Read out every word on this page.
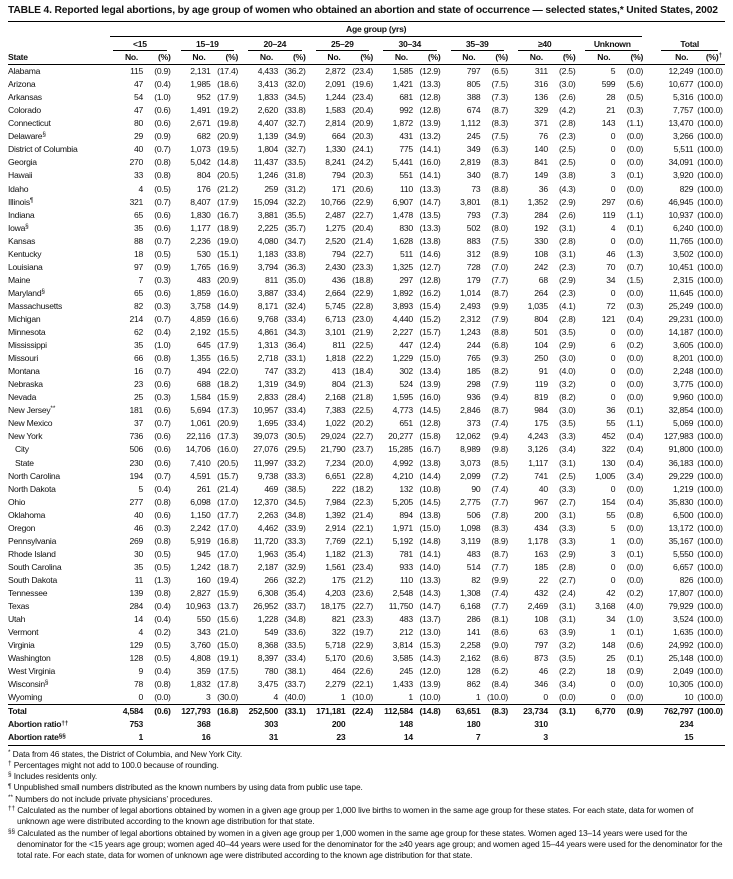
TABLE 4. Reported legal abortions, by age group of women who obtained an abortion and state of occurrence — selected states,* United States, 2002

	Age group (yrs)																		

	<15		15–19		20–24		25–29		30–34		35–39		≥40		Unknown			Total	

State	No.	(%)	No.	(%)	No.	(%)	No.	(%)	No.	(%)	No.	(%)	No.	(%)	No.	(%)		No.	(%)†
Alabama	115	(0.9)	2,131	(17.4)	4,433	(36.2)	2,872	(23.4)	1,585	(12.9)	797	(6.5)	311	(2.5)	5	(0.0)		12,249	(100.0)
Arizona	47	(0.4)	1,985	(18.6)	3,413	(32.0)	2,091	(19.6)	1,421	(13.3)	805	(7.5)	316	(3.0)	599	(5.6)		10,677	(100.0)
Arkansas	54	(1.0)	952	(17.9)	1,833	(34.5)	1,244	(23.4)	681	(12.8)	388	(7.3)	136	(2.6)	28	(0.5)		5,316	(100.0)
Colorado	47	(0.6)	1,491	(19.2)	2,620	(33.8)	1,583	(20.4)	992	(12.8)	674	(8.7)	329	(4.2)	21	(0.3)		7,757	(100.0)
Connecticut	80	(0.6)	2,671	(19.8)	4,407	(32.7)	2,814	(20.9)	1,872	(13.9)	1,112	(8.3)	371	(2.8)	143	(1.1)		13,470	(100.0)
Delaware§	29	(0.9)	682	(20.9)	1,139	(34.9)	664	(20.3)	431	(13.2)	245	(7.5)	76	(2.3)	0	(0.0)		3,266	(100.0)
District of Columbia	40	(0.7)	1,073	(19.5)	1,804	(32.7)	1,330	(24.1)	775	(14.1)	349	(6.3)	140	(2.5)	0	(0.0)		5,511	(100.0)
Georgia	270	(0.8)	5,042	(14.8)	11,437	(33.5)	8,241	(24.2)	5,441	(16.0)	2,819	(8.3)	841	(2.5)	0	(0.0)		34,091	(100.0)
Hawaii	33	(0.8)	804	(20.5)	1,246	(31.8)	794	(20.3)	551	(14.1)	340	(8.7)	149	(3.8)	3	(0.1)		3,920	(100.0)
Idaho	4	(0.5)	176	(21.2)	259	(31.2)	171	(20.6)	110	(13.3)	73	(8.8)	36	(4.3)	0	(0.0)		829	(100.0)
Illinois¶	321	(0.7)	8,407	(17.9)	15,094	(32.2)	10,766	(22.9)	6,907	(14.7)	3,801	(8.1)	1,352	(2.9)	297	(0.6)		46,945	(100.0)
Indiana	65	(0.6)	1,830	(16.7)	3,881	(35.5)	2,487	(22.7)	1,478	(13.5)	793	(7.3)	284	(2.6)	119	(1.1)		10,937	(100.0)
Iowa§	35	(0.6)	1,177	(18.9)	2,225	(35.7)	1,275	(20.4)	830	(13.3)	502	(8.0)	192	(3.1)	4	(0.1)		6,240	(100.0)
Kansas	88	(0.7)	2,236	(19.0)	4,080	(34.7)	2,520	(21.4)	1,628	(13.8)	883	(7.5)	330	(2.8)	0	(0.0)		11,765	(100.0)
Kentucky	18	(0.5)	530	(15.1)	1,183	(33.8)	794	(22.7)	511	(14.6)	312	(8.9)	108	(3.1)	46	(1.3)		3,502	(100.0)
Louisiana	97	(0.9)	1,765	(16.9)	3,794	(36.3)	2,430	(23.3)	1,325	(12.7)	728	(7.0)	242	(2.3)	70	(0.7)		10,451	(100.0)
Maine	7	(0.3)	483	(20.9)	811	(35.0)	436	(18.8)	297	(12.8)	179	(7.7)	68	(2.9)	34	(1.5)		2,315	(100.0)
Maryland§	65	(0.6)	1,859	(16.0)	3,887	(33.4)	2,664	(22.9)	1,892	(16.2)	1,014	(8.7)	264	(2.3)	0	(0.0)		11,645	(100.0)
Massachusetts	82	(0.3)	3,758	(14.9)	8,171	(32.4)	5,745	(22.8)	3,893	(15.4)	2,493	(9.9)	1,035	(4.1)	72	(0.3)		25,249	(100.0)
Michigan	214	(0.7)	4,859	(16.6)	9,768	(33.4)	6,713	(23.0)	4,440	(15.2)	2,312	(7.9)	804	(2.8)	121	(0.4)		29,231	(100.0)
Minnesota	62	(0.4)	2,192	(15.5)	4,861	(34.3)	3,101	(21.9)	2,227	(15.7)	1,243	(8.8)	501	(3.5)	0	(0.0)		14,187	(100.0)
Mississippi	35	(1.0)	645	(17.9)	1,313	(36.4)	811	(22.5)	447	(12.4)	244	(6.8)	104	(2.9)	6	(0.2)		3,605	(100.0)
Missouri	66	(0.8)	1,355	(16.5)	2,718	(33.1)	1,818	(22.2)	1,229	(15.0)	765	(9.3)	250	(3.0)	0	(0.0)		8,201	(100.0)
Montana	16	(0.7)	494	(22.0)	747	(33.2)	413	(18.4)	302	(13.4)	185	(8.2)	91	(4.0)	0	(0.0)		2,248	(100.0)
Nebraska	23	(0.6)	688	(18.2)	1,319	(34.9)	804	(21.3)	524	(13.9)	298	(7.9)	119	(3.2)	0	(0.0)		3,775	(100.0)
Nevada	25	(0.3)	1,584	(15.9)	2,833	(28.4)	2,168	(21.8)	1,595	(16.0)	936	(9.4)	819	(8.2)	0	(0.0)		9,960	(100.0)
New Jersey**	181	(0.6)	5,694	(17.3)	10,957	(33.4)	7,383	(22.5)	4,773	(14.5)	2,846	(8.7)	984	(3.0)	36	(0.1)		32,854	(100.0)
New Mexico	37	(0.7)	1,061	(20.9)	1,695	(33.4)	1,022	(20.2)	651	(12.8)	373	(7.4)	175	(3.5)	55	(1.1)		5,069	(100.0)
New York	736	(0.6)	22,116	(17.3)	39,073	(30.5)	29,024	(22.7)	20,277	(15.8)	12,062	(9.4)	4,243	(3.3)	452	(0.4)		127,983	(100.0)
City	506	(0.6)	14,706	(16.0)	27,076	(29.5)	21,790	(23.7)	15,285	(16.7)	8,989	(9.8)	3,126	(3.4)	322	(0.4)		91,800	(100.0)
State	230	(0.6)	7,410	(20.5)	11,997	(33.2)	7,234	(20.0)	4,992	(13.8)	3,073	(8.5)	1,117	(3.1)	130	(0.4)		36,183	(100.0)
North Carolina	194	(0.7)	4,591	(15.7)	9,738	(33.3)	6,651	(22.8)	4,210	(14.4)	2,099	(7.2)	741	(2.5)	1,005	(3.4)		29,229	(100.0)
North Dakota	5	(0.4)	261	(21.4)	469	(38.5)	222	(18.2)	132	(10.8)	90	(7.4)	40	(3.3)	0	(0.0)		1,219	(100.0)
Ohio	277	(0.8)	6,098	(17.0)	12,370	(34.5)	7,984	(22.3)	5,205	(14.5)	2,775	(7.7)	967	(2.7)	154	(0.4)		35,830	(100.0)
Oklahoma	40	(0.6)	1,150	(17.7)	2,263	(34.8)	1,392	(21.4)	894	(13.8)	506	(7.8)	200	(3.1)	55	(0.8)		6,500	(100.0)
Oregon	46	(0.3)	2,242	(17.0)	4,462	(33.9)	2,914	(22.1)	1,971	(15.0)	1,098	(8.3)	434	(3.3)	5	(0.0)		13,172	(100.0)
Pennsylvania	269	(0.8)	5,919	(16.8)	11,720	(33.3)	7,769	(22.1)	5,192	(14.8)	3,119	(8.9)	1,178	(3.3)	1	(0.0)		35,167	(100.0)
Rhode Island	30	(0.5)	945	(17.0)	1,963	(35.4)	1,182	(21.3)	781	(14.1)	483	(8.7)	163	(2.9)	3	(0.1)		5,550	(100.0)
South Carolina	35	(0.5)	1,242	(18.7)	2,187	(32.9)	1,561	(23.4)	933	(14.0)	514	(7.7)	185	(2.8)	0	(0.0)		6,657	(100.0)
South Dakota	11	(1.3)	160	(19.4)	266	(32.2)	175	(21.2)	110	(13.3)	82	(9.9)	22	(2.7)	0	(0.0)		826	(100.0)
Tennessee	139	(0.8)	2,827	(15.9)	6,308	(35.4)	4,203	(23.6)	2,548	(14.3)	1,308	(7.4)	432	(2.4)	42	(0.2)		17,807	(100.0)
Texas	284	(0.4)	10,963	(13.7)	26,952	(33.7)	18,175	(22.7)	11,750	(14.7)	6,168	(7.7)	2,469	(3.1)	3,168	(4.0)		79,929	(100.0)
Utah	14	(0.4)	550	(15.6)	1,228	(34.8)	821	(23.3)	483	(13.7)	286	(8.1)	108	(3.1)	34	(1.0)		3,524	(100.0)
Vermont	4	(0.2)	343	(21.0)	549	(33.6)	322	(19.7)	212	(13.0)	141	(8.6)	63	(3.9)	1	(0.1)		1,635	(100.0)
Virginia	129	(0.5)	3,760	(15.0)	8,368	(33.5)	5,718	(22.9)	3,814	(15.3)	2,258	(9.0)	797	(3.2)	148	(0.6)		24,992	(100.0)
Washington	128	(0.5)	4,808	(19.1)	8,397	(33.4)	5,170	(20.6)	3,585	(14.3)	2,162	(8.6)	873	(3.5)	25	(0.1)		25,148	(100.0)
West Virginia	9	(0.4)	359	(17.5)	780	(38.1)	464	(22.6)	245	(12.0)	128	(6.2)	46	(2.2)	18	(0.9)		2,049	(100.0)
Wisconsin§	78	(0.8)	1,832	(17.8)	3,475	(33.7)	2,279	(22.1)	1,433	(13.9)	862	(8.4)	346	(3.4)	0	(0.0)		10,305	(100.0)
Wyoming	0	(0.0)	3	(30.0)	4	(40.0)	1	(10.0)	1	(10.0)	1	(10.0)	0	(0.0)	0	(0.0)		10	(100.0)
Total	4,584	(0.6)	127,793	(16.8)	252,500	(33.1)	171,181	(22.4)	112,584	(14.8)	63,651	(8.3)	23,734	(3.1)	6,770	(0.9)		762,797	(100.0)
Abortion ratio††	753		368		303		200		148		180		310					234	
Abortion rate§§	1		16		31		23		14		7		3					15	
* Data from 46 states, the District of Columbia, and New York City.
† Percentages might not add to 100.0 because of rounding.
§ Includes residents only.
¶ Unpublished small numbers distributed as the known numbers by using data from public use tape.
** Numbers do not include private physicians’ procedures.
†† Calculated as the number of legal abortions obtained by women in a given age group per 1,000 live births to women in the same age group for these states. For each state, data for women of unknown age were distributed according to the known age distribution for that state.
§§ Calculated as the number of legal abortions obtained by women in a given age group per 1,000 women in the same age group for these states. Women aged 13–14 years were used for the denominator for the <15 years age group; women aged 40–44 years were used for the denominator for the ≥40 years age group; and women aged 15–44 years were used for the denominator for the total rate. For each state, data for women of unknown age were distributed according to the known age distribution for that state.
